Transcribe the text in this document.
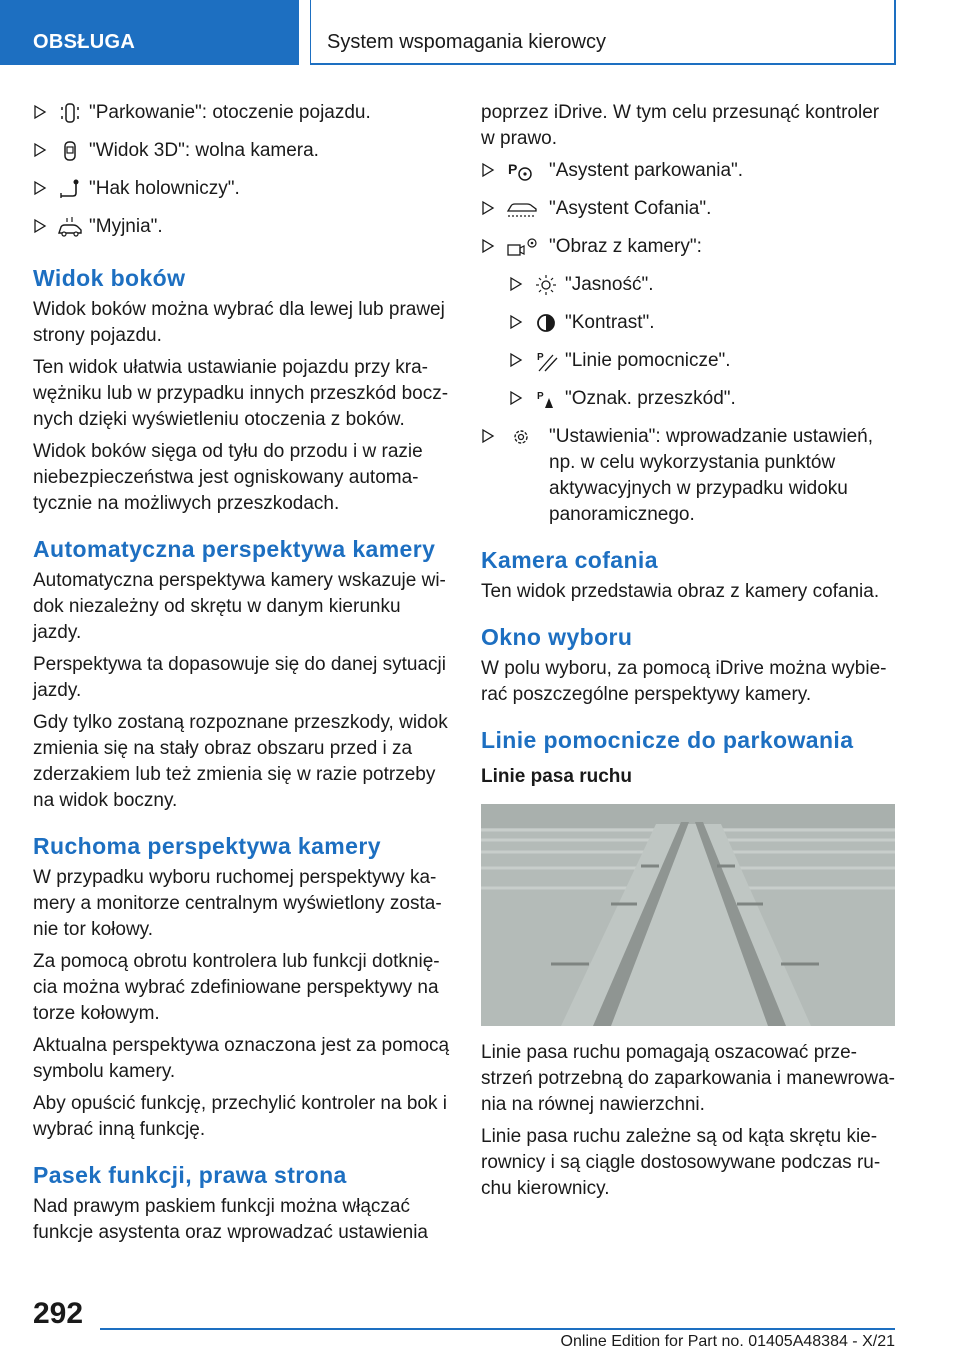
OBSŁUGA	System wspomagania kierowcy
"Parkowanie": otoczenie pojazdu.
"Widok 3D": wolna kamera.
"Hak holowniczy".
"Myjnia".
Widok boków

Widok boków można wybrać dla lewej lub prawej strony pojazdu.

Ten widok ułatwia ustawianie pojazdu przy krawężniku lub w przypadku innych przeszkód bocznych dzięki wyświetleniu otoczenia z boków.

Widok boków sięga od tyłu do przodu i w razie niebezpieczeństwa jest ogniskowany automatycznie na możliwych przeszkodach.

Automatyczna perspektywa kamery

Automatyczna perspektywa kamery wskazuje widok niezależny od skrętu w danym kierunku jazdy.

Perspektywa ta dopasowuje się do danej sytuacji jazdy.

Gdy tylko zostaną rozpoznane przeszkody, widok zmienia się na stały obraz obszaru przed i za zderzakiem lub też zmienia się w razie potrzeby na widok boczny.

Ruchoma perspektywa kamery

W przypadku wyboru ruchomej perspektywy kamery a monitorze centralnym wyświetlony zostanie tor kołowy.

Za pomocą obrotu kontrolera lub funkcji dotknięcia można wybrać zdefiniowane perspektywy na torze kołowym.

Aktualna perspektywa oznaczona jest za pomocą symbolu kamery.

Aby opuścić funkcję, przechylić kontroler na bok i wybrać inną funkcję.

Pasek funkcji, prawa strona

Nad prawym paskiem funkcji można włączać funkcje asystenta oraz wprowadzać ustawienia

poprzez iDrive. W tym celu przesunąć kontroler w prawo.

P "Asystent parkowania".
"Asystent Cofania".
"Obraz z kamery":
"Jasność".
"Kontrast".
P "Linie pomocnicze".
P "Oznak. przeszkód".
"Ustawienia": wprowadzanie ustawień, np. w celu wykorzystania punktów aktywacyjnych w przypadku widoku panoramicznego.
Kamera cofania

Ten widok przedstawia obraz z kamery cofania.

Okno wyboru

W polu wyboru, za pomocą iDrive można wybierać poszczególne perspektywy kamery.

Linie pomocnicze do parkowania
Linie pasa ruchu

Linie pasa ruchu pomagają oszacować przestrzeń potrzebną do zaparkowania i manewrowania na równej nawierzchni.

Linie pasa ruchu zależne są od kąta skrętu kierownicy i są ciągle dostosowywane podczas ruchu kierownicy.

292
Online Edition for Part no. 01405A48384 - X/21
